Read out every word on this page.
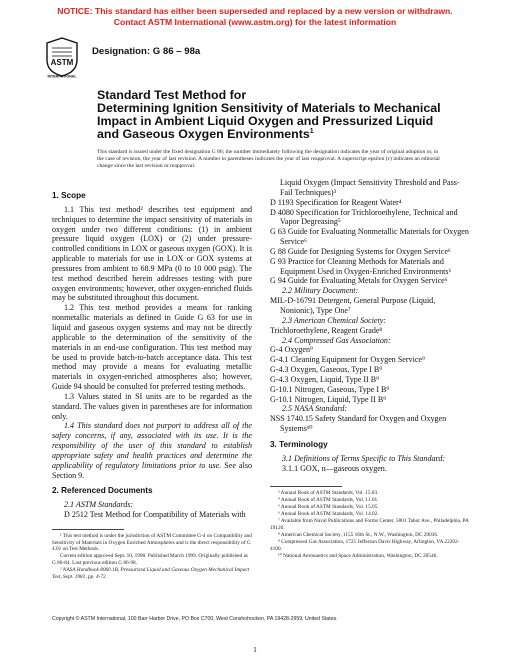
NOTICE: This standard has either been superseded and replaced by a new version or withdrawn.
Contact ASTM International (www.astm.org) for the latest information
ASTM
INTERNATIONAL
Designation: G 86 – 98a
Standard Test Method for
Determining Ignition Sensitivity of Materials to Mechanical
Impact in Ambient Liquid Oxygen and Pressurized Liquid
and Gaseous Oxygen Environments$^1$
This standard is issued under the fixed designation G 86; the number immediately following the designation indicates the year of original adoption or, in the case of revision, the year of last revision. A number in parentheses indicates the year of last reapproval. A superscript epsilon (ε) indicates an editorial change since the last revision or reapproval.
1. Scope

1.1 This test method² describes test equipment and techniques to determine the impact sensitivity of materials in oxygen under two different conditions: (1) in ambient pressure liquid oxygen (LOX) or (2) under pressure-controlled conditions in LOX or gaseous oxygen (GOX). It is applicable to materials for use in LOX or GOX systems at pressures from ambient to 68.9 MPa (0 to 10 000 psig). The test method described herein addresses testing with pure oxygen environments; however, other oxygen-enriched fluids may be substituted throughout this document.

1.2 This test method provides a means for ranking nonmetallic materials as defined in Guide G 63 for use in liquid and gaseous oxygen systems and may not be directly applicable to the determination of the sensitivity of the materials in an end-use configuration. This test method may be used to provide batch-to-batch acceptance data. This test method may provide a means for evaluating metallic materials in oxygen-enriched atmospheres also; however, Guide 94 should be consulted for preferred testing methods.

1.3 Values stated in SI units are to be regarded as the standard. The values given in parentheses are for information only.

1.4 This standard does not purport to address all of the safety concerns, if any, associated with its use. It is the responsibility of the user of this standard to establish appropriate safety and health practices and determine the applicability of regulatory limitations prior to use. See also Section 9.

2. Referenced Documents

2.1 ASTM Standards:

D 2512 Test Method for Compatibility of Materials with

¹ This test method is under the jurisdiction of ASTM Committee G-4 on Compatibility and Sensitivity of Materials in Oxygen Enriched Atmospheres and is the direct responsibility of G 4.01 on Test Methods.

Current edition approved Sept. 10, 1998. Published March 1999. Originally published as G 86-84. Last previous edition G 86-98.

² NASA Handbook 8060.1B, Pressurized Liquid and Gaseous Oxygen Mechanical Impact Test, Sept. 1981, pp. 4-72.

Liquid Oxygen (Impact Sensitivity Threshold and Pass-Fail Techniques)³

D 1193 Specification for Reagent Water⁴

D 4080 Specification for Trichloroethylene, Technical and Vapor Degreasing⁵

G 63 Guide for Evaluating Nonmetallic Materials for Oxygen Service⁶

G 88 Guide for Designing Systems for Oxygen Service⁶

G 93 Practice for Cleaning Methods for Materials and Equipment Used in Oxygen-Enriched Environments⁶

G 94 Guide for Evaluating Metals for Oxygen Service⁶

2.2 Military Document:

MIL-D-16791 Detergent, General Purpose (Liquid, Nonionic), Type One⁷

2.3 American Chemical Society:

Trichloroethylene, Reagent Grade⁸

2.4 Compressed Gas Association:

G-4 Oxygen⁹

G-4.1 Cleaning Equipment for Oxygen Service⁹

G-4.3 Oxygen, Gaseous, Type I B⁹

G-4.3 Oxygen, Liquid, Type II B⁹

G-10.1 Nitrogen, Gaseous, Type I B⁹

G-10.1 Nitrogen, Liquid, Type II B⁹

2.5 NASA Standard:

NSS 1740.15 Safety Standard for Oxygen and Oxygen Systems¹⁰

3. Terminology

3.1 Definitions of Terms Specific to This Standard:

3.1.1 GOX, n—gaseous oxygen.

³ Annual Book of ASTM Standards, Vol. 15.03.

⁴ Annual Book of ASTM Standards, Vol. 11.01.

⁵ Annual Book of ASTM Standards, Vol. 15.05.

⁶ Annual Book of ASTM Standards, Vol. 14.02.

⁷ Available from Naval Publications and Forms Center, 5801 Tabor Ave., Philadelphia, PA 19120.

⁸ American Chemical Society, 1155 16th St., N.W., Washington, DC 20036.

⁹ Compressed Gas Association, 1725 Jefferson Davis Highway, Arlington, VA 22202-4100.

¹⁰ National Aeronautics and Space Administration, Washington, DC 20546.

Copyright © ASTM International, 100 Barr Harbor Drive, PO Box C700, West Conshohocken, PA 19428-2959, United States.
1
